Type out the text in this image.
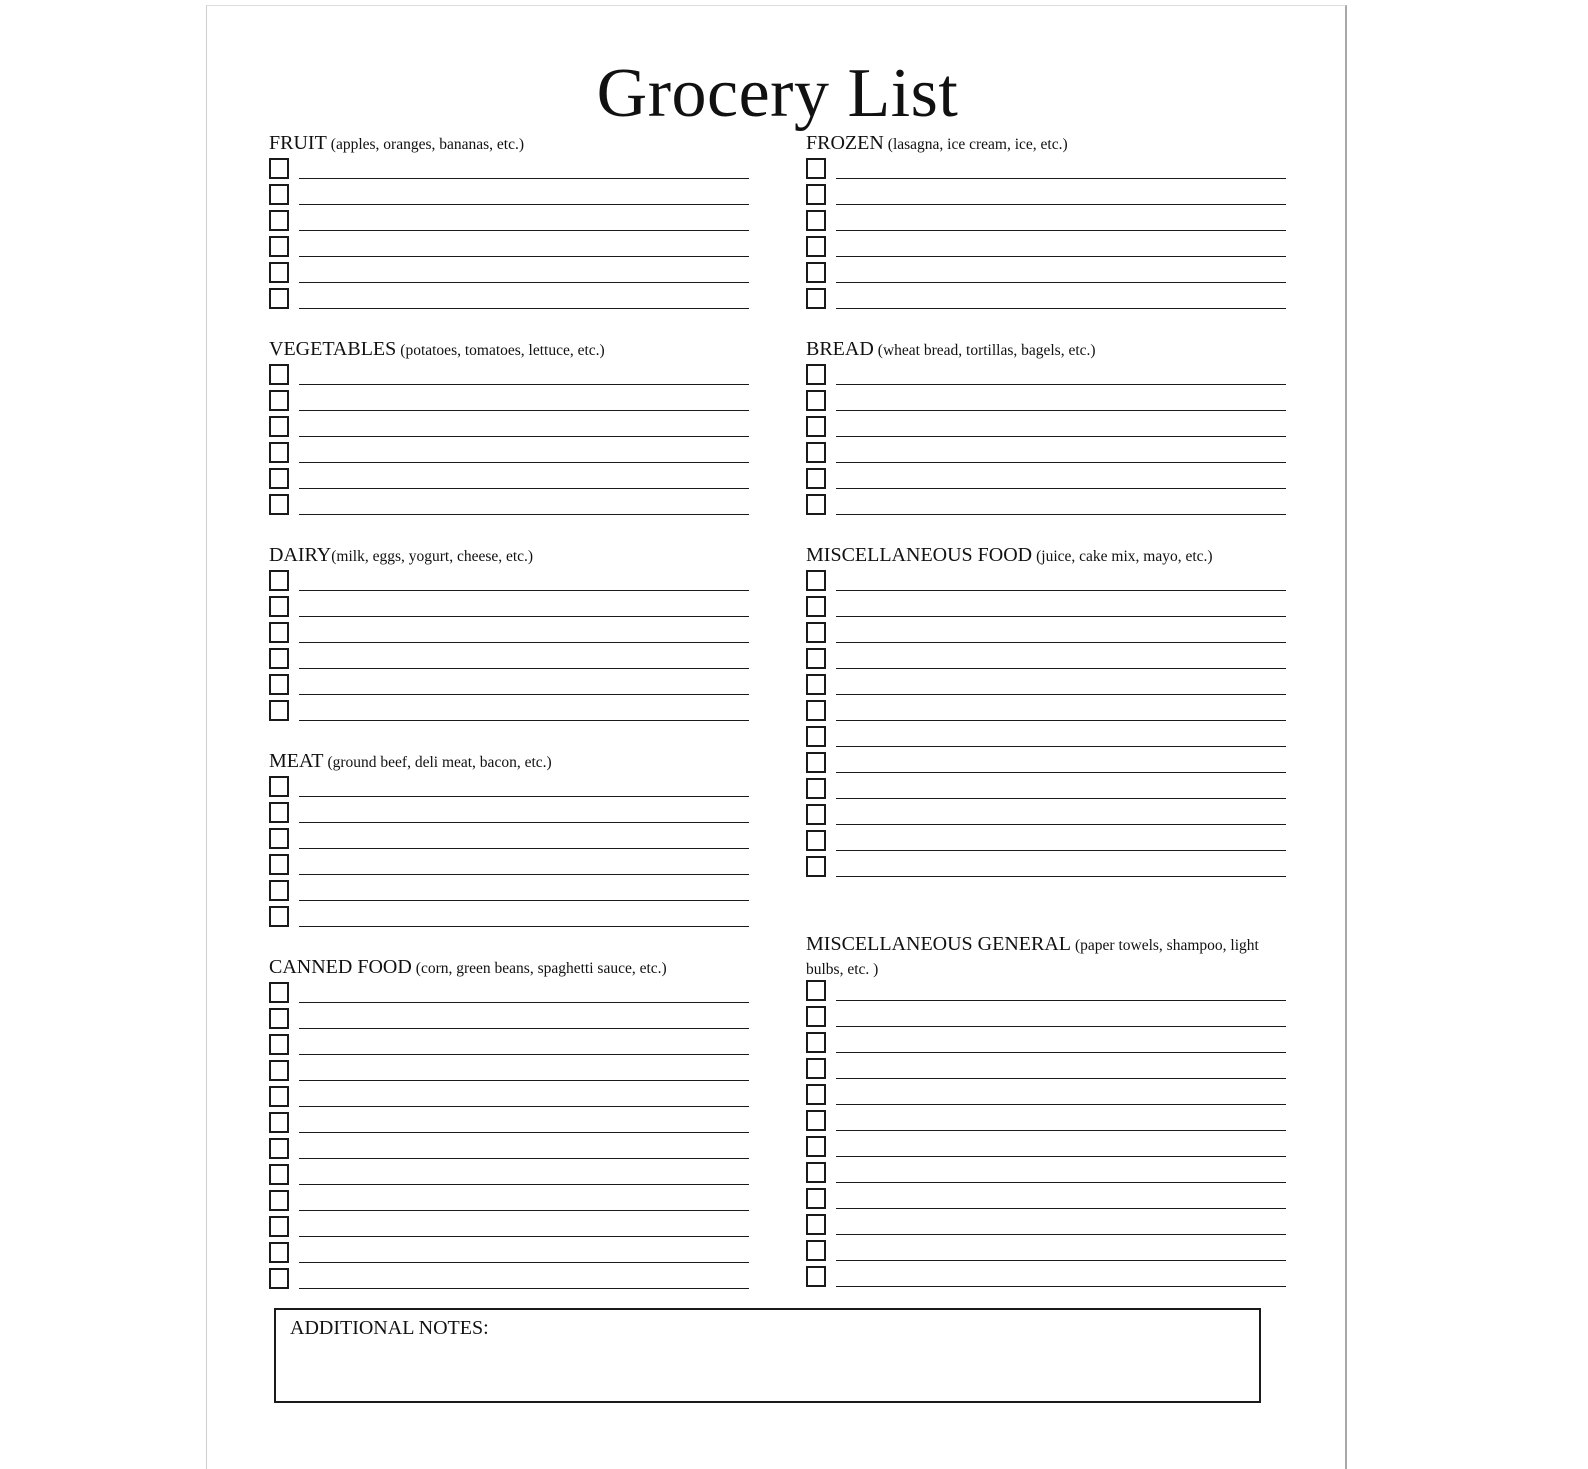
Grocery List
FRUIT (apples, oranges, bananas, etc.)
VEGETABLES (potatoes, tomatoes, lettuce, etc.)
DAIRY(milk, eggs, yogurt, cheese, etc.)
MEAT (ground beef, deli meat, bacon, etc.)
CANNED FOOD (corn, green beans, spaghetti sauce, etc.)
FROZEN (lasagna, ice cream, ice, etc.)
BREAD (wheat bread, tortillas, bagels, etc.)
MISCELLANEOUS FOOD (juice, cake mix, mayo, etc.)
MISCELLANEOUS GENERAL (paper towels, shampoo, light bulbs, etc. )
ADDITIONAL NOTES:
